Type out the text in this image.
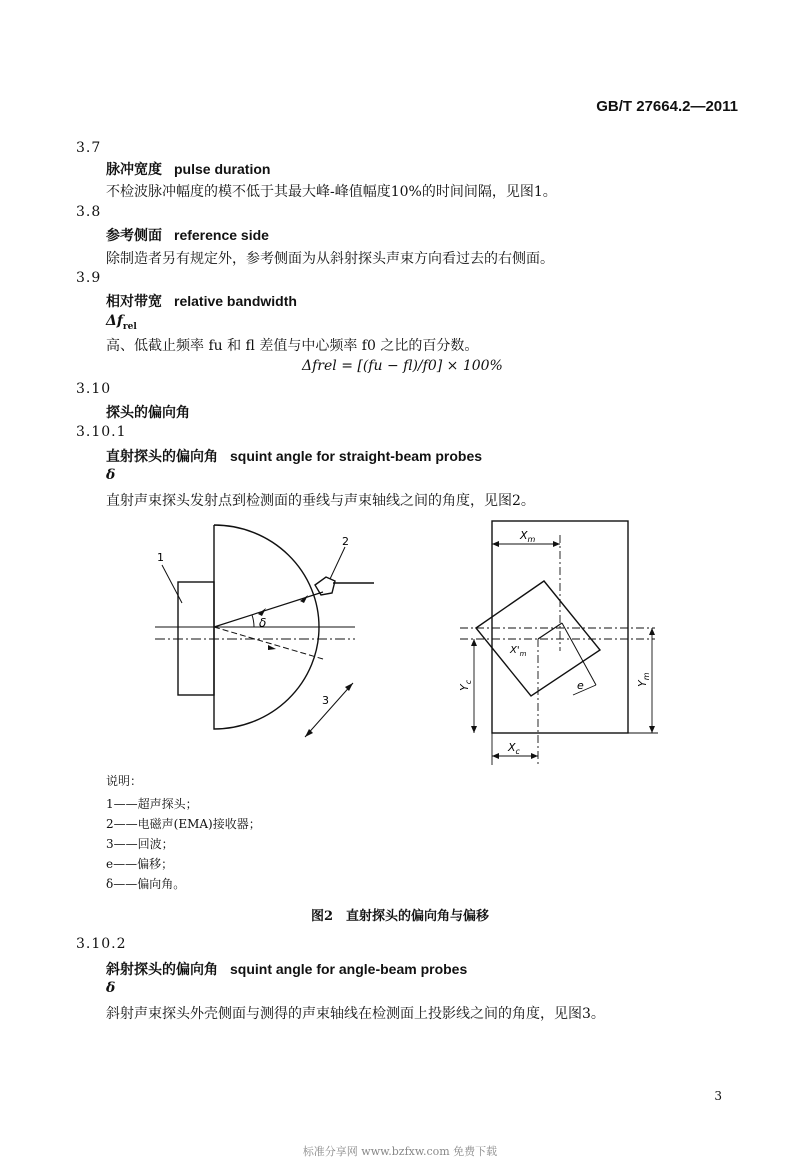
GB/T 27664.2—2011
3.7
脉冲宽度 pulse duration
不检波脉冲幅度的模不低于其最大峰-峰值幅度10%的时间间隔，见图1。
3.8
参考侧面 reference side
除制造者另有规定外，参考侧面为从斜射探头声束方向看过去的右侧面。
3.9
相对带宽 relative bandwidth
$\Delta f_{rel}$
高、低截止频率 fu 和 fl 差值与中心频率 f0 之比的百分数。
Δfrel = [(fu − fl)/f0] × 100%
3.10
探头的偏向角
3.10.1
直射探头的偏向角 squint angle for straight-beam probes
δ
直射声束探头发射点到检测面的垂线与声束轴线之间的角度，见图2。
δ
1
2
3
$X_m$
$X'_m$
$Y_c$	$Y_m$
e
$X_c$
说明：
1——超声探头；
2——电磁声(EMA)接收器；
3——回波；
e——偏移；
δ——偏向角。
图2　直射探头的偏向角与偏移
3.10.2
斜射探头的偏向角 squint angle for angle-beam probes
δ
斜射声束探头外壳侧面与测得的声束轴线在检测面上投影线之间的角度，见图3。
3
标准分享网 www.bzfxw.com 免费下载
